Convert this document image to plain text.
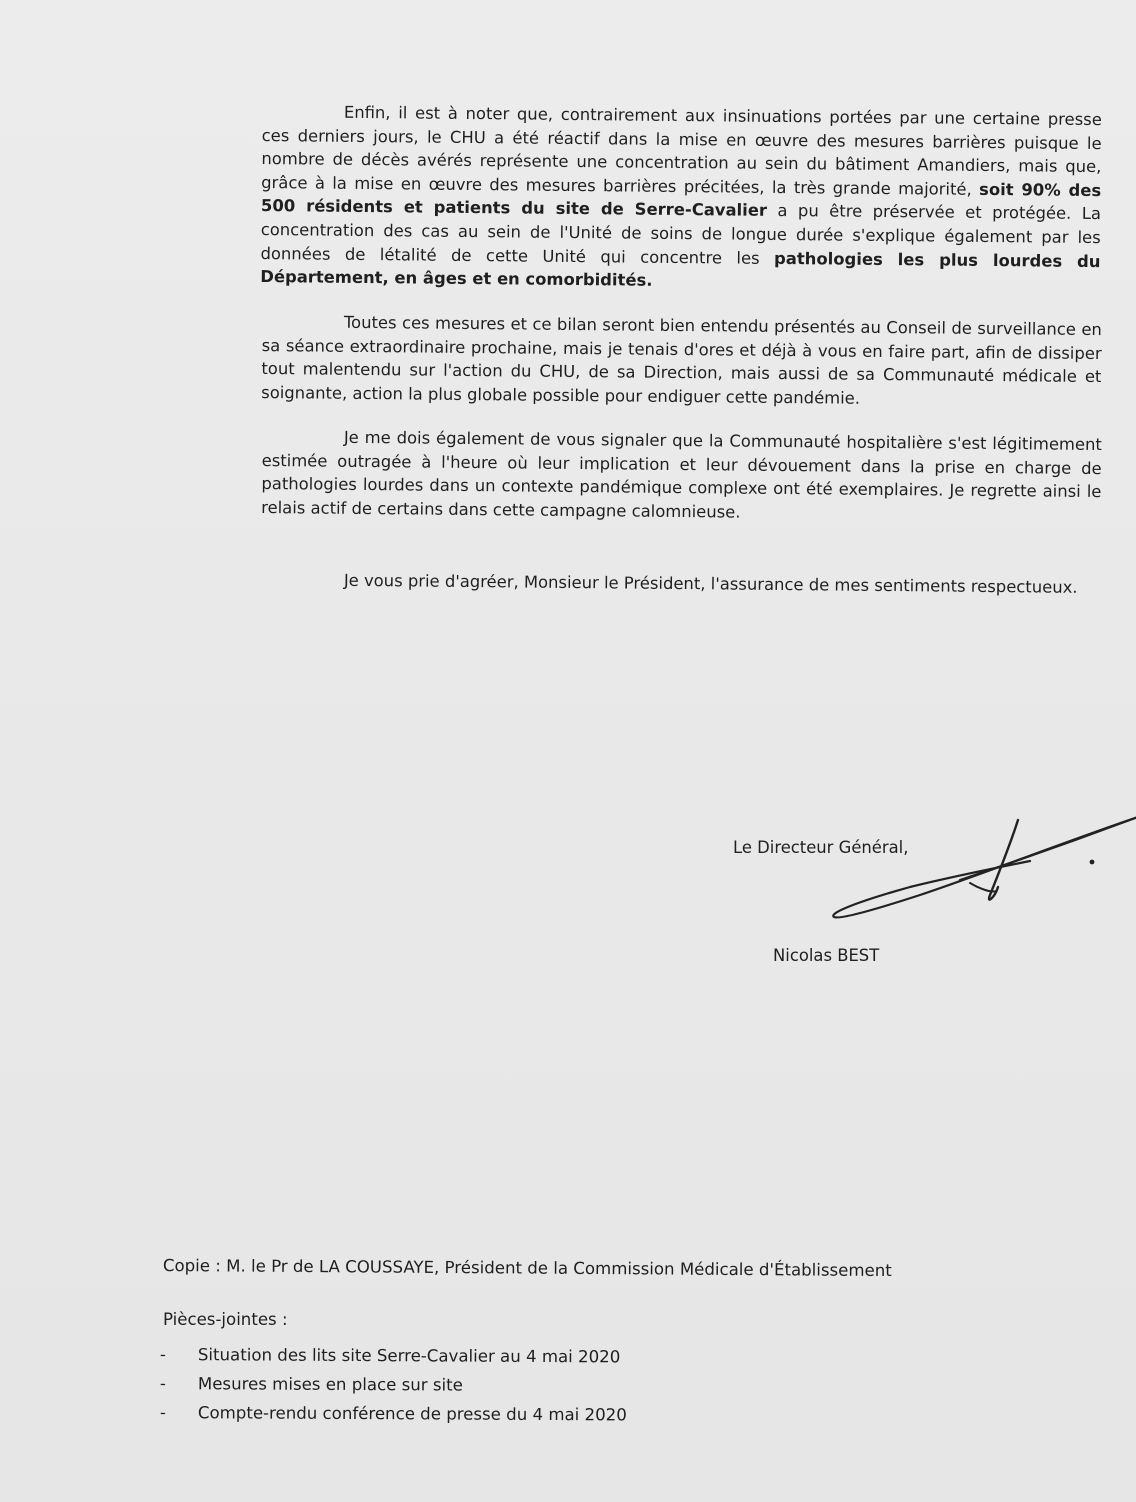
Enfin, il est à noter que, contrairement aux insinuations portées par une certaine presse ces derniers jours, le CHU a été réactif dans la mise en œuvre des mesures barrières puisque le nombre de décès avérés représente une concentration au sein du bâtiment Amandiers, mais que, grâce à la mise en œuvre des mesures barrières précitées, la très grande majorité, soit 90% des 500 résidents et patients du site de Serre-Cavalier a pu être préservée et protégée. La concentration des cas au sein de l'Unité de soins de longue durée s'explique également par les données de létalité de cette Unité qui concentre les pathologies les plus lourdes du Département, en âges et en comorbidités.

Toutes ces mesures et ce bilan seront bien entendu présentés au Conseil de surveillance en sa séance extraordinaire prochaine, mais je tenais d'ores et déjà à vous en faire part, afin de dissiper tout malentendu sur l'action du CHU, de sa Direction, mais aussi de sa Communauté médicale et soignante, action la plus globale possible pour endiguer cette pandémie.

Je me dois également de vous signaler que la Communauté hospitalière s'est légitimement estimée outragée à l'heure où leur implication et leur dévouement dans la prise en charge de pathologies lourdes dans un contexte pandémique complexe ont été exemplaires. Je regrette ainsi le relais actif de certains dans cette campagne calomnieuse.

Je vous prie d'agréer, Monsieur le Président, l'assurance de mes sentiments respectueux.

Le Directeur Général,
Nicolas BEST
Copie : M. le Pr de LA COUSSAYE, Président de la Commission Médicale d'Établissement
Pièces-jointes :
- Situation des lits site Serre-Cavalier au 4 mai 2020
- Mesures mises en place sur site
- Compte-rendu conférence de presse du 4 mai 2020
